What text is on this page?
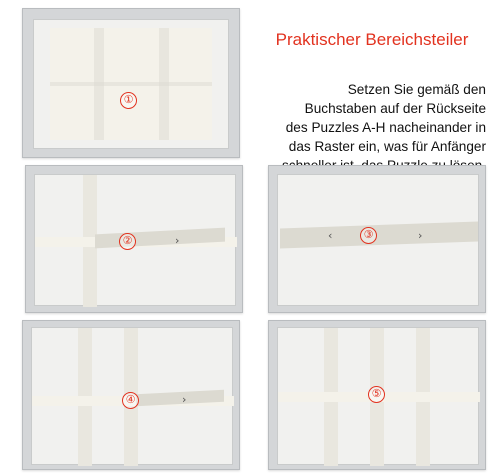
Praktischer Bereichsteiler
Setzen Sie gemäß den
Buchstaben auf der Rückseite
des Puzzles A-H nacheinander in
das Raster ein, was für Anfänger
①
②	›	‹	③	›
④	›	⑤
